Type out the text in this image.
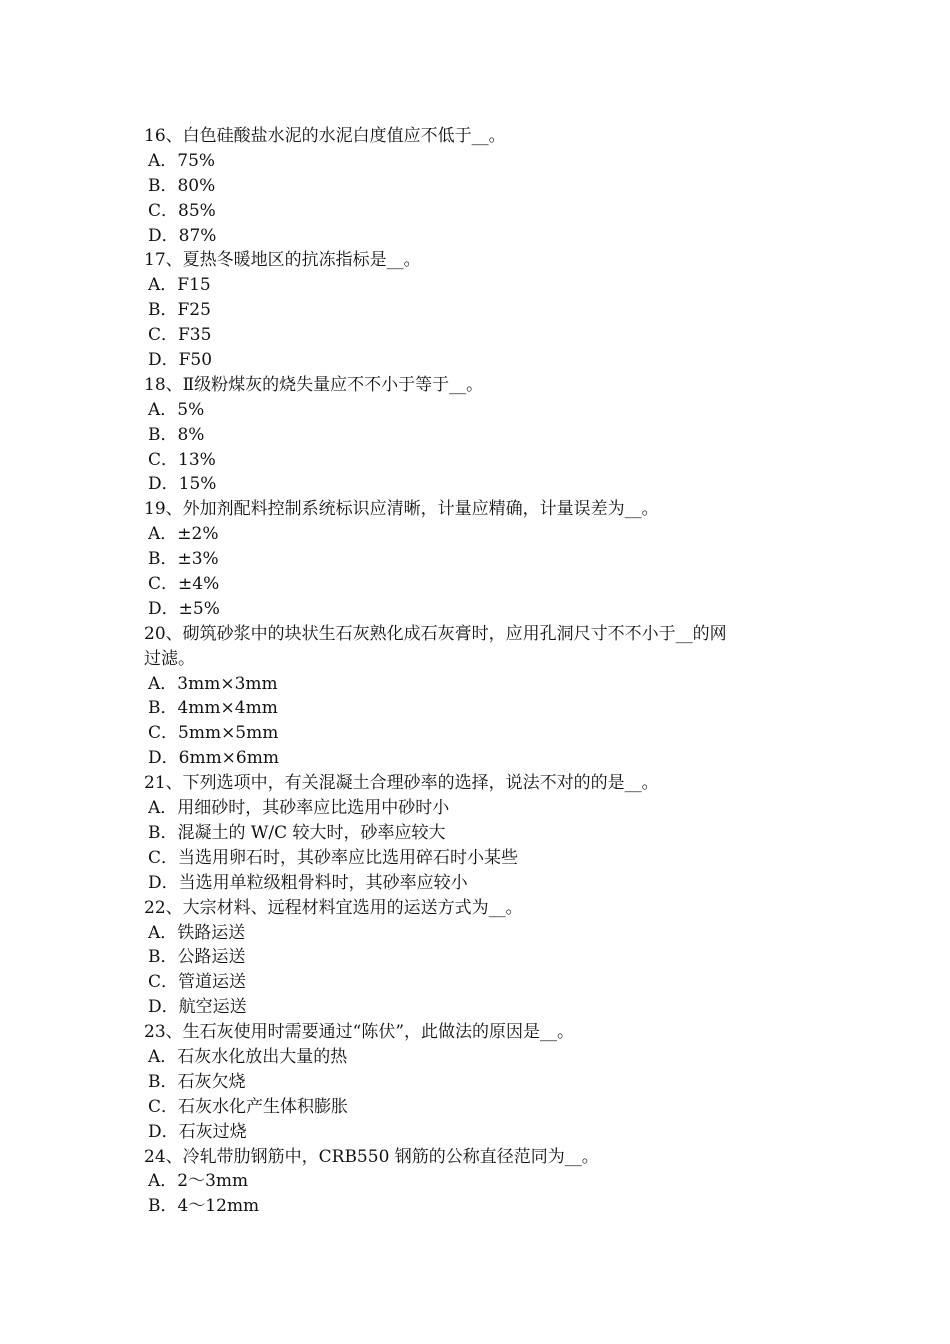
16、白色硅酸盐水泥的水泥白度值应不低于__。
A．75%
B．80%
C．85%
D．87%
17、夏热冬暖地区的抗冻指标是__。
A．F15
B．F25
C．F35
D．F50
18、Ⅱ级粉煤灰的烧失量应不不小于等于__。
A．5%
B．8%
C．13%
D．15%
19、外加剂配料控制系统标识应清晰，计量应精确，计量误差为__。
A．±2%
B．±3%
C．±4%
D．±5%
20、砌筑砂浆中的块状生石灰熟化成石灰膏时，应用孔洞尺寸不不小于__的网
过滤。
A．3mm×3mm
B．4mm×4mm
C．5mm×5mm
D．6mm×6mm
21、下列选项中，有关混凝土合理砂率的选择，说法不对的的是__。
A．用细砂时，其砂率应比选用中砂时小
B．混凝土的 W/C 较大时，砂率应较大
C．当选用卵石时，其砂率应比选用碎石时小某些
D．当选用单粒级粗骨料时，其砂率应较小
22、大宗材料、远程材料宜选用的运送方式为__。
A．铁路运送
B．公路运送
C．管道运送
D．航空运送
23、生石灰使用时需要通过“陈伏”，此做法的原因是__。
A．石灰水化放出大量的热
B．石灰欠烧
C．石灰水化产生体积膨胀
D．石灰过烧
24、冷轧带肋钢筋中，CRB550 钢筋的公称直径范同为__。
A．2～3mm
B．4～12mm
